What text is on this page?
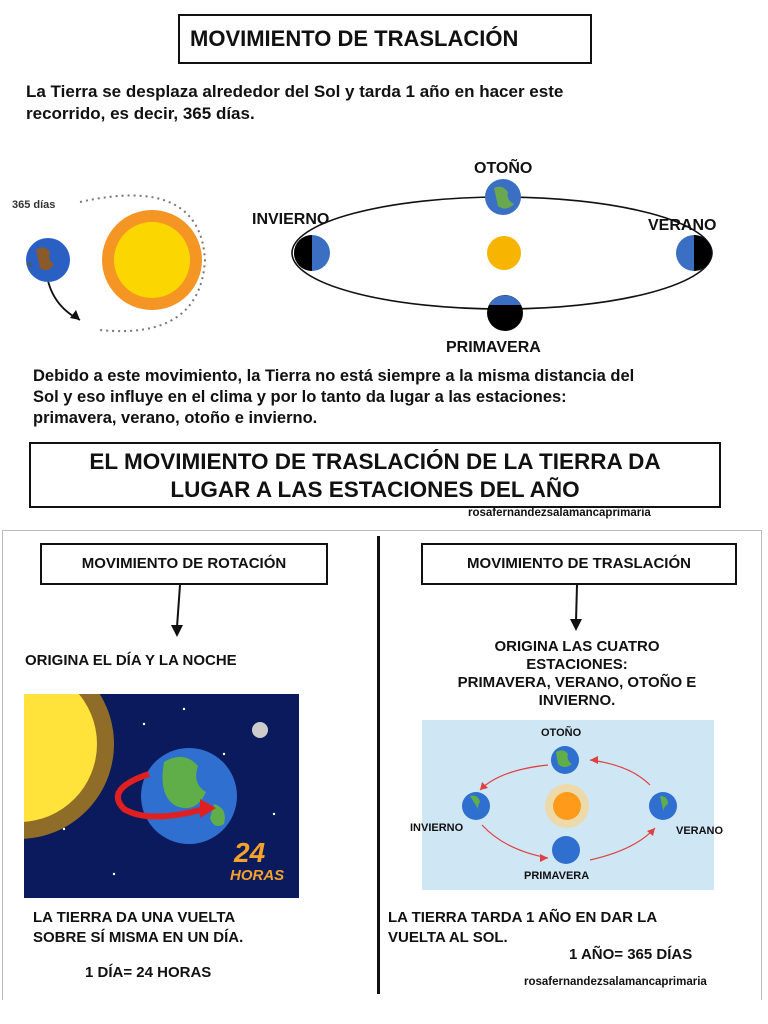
MOVIMIENTO DE TRASLACIÓN
La Tierra se desplaza alrededor del Sol y tarda 1 año en hacer este
recorrido, es decir, 365 días.
365 días
«
OTOÑO
INVIERNO	VERANO
PRIMAVERA
Debido a este movimiento, la Tierra no está siempre a la misma distancia del
Sol y eso influye en el clima y por lo tanto da lugar a las estaciones:
primavera, verano, otoño e invierno.
EL MOVIMIENTO DE TRASLACIÓN DE LA TIERRA DA
LUGAR A LAS ESTACIONES DEL AÑO
rosafernandezsalamancaprimaria
MOVIMIENTO DE ROTACIÓN
ORIGINA EL DÍA Y LA NOCHE
24
HORAS
LA TIERRA DA UNA VUELTA
SOBRE SÍ MISMA EN UN DÍA.
1 DÍA= 24 HORAS
MOVIMIENTO DE TRASLACIÓN
ORIGINA LAS CUATRO
ESTACIONES:
PRIMAVERA, VERANO, OTOÑO E
INVIERNO.
OTOÑO
INVIERNO	VERANO
PRIMAVERA
LA TIERRA TARDA 1 AÑO EN DAR LA
VUELTA AL SOL.
1 AÑO= 365 DÍAS
rosafernandezsalamancaprimaria
